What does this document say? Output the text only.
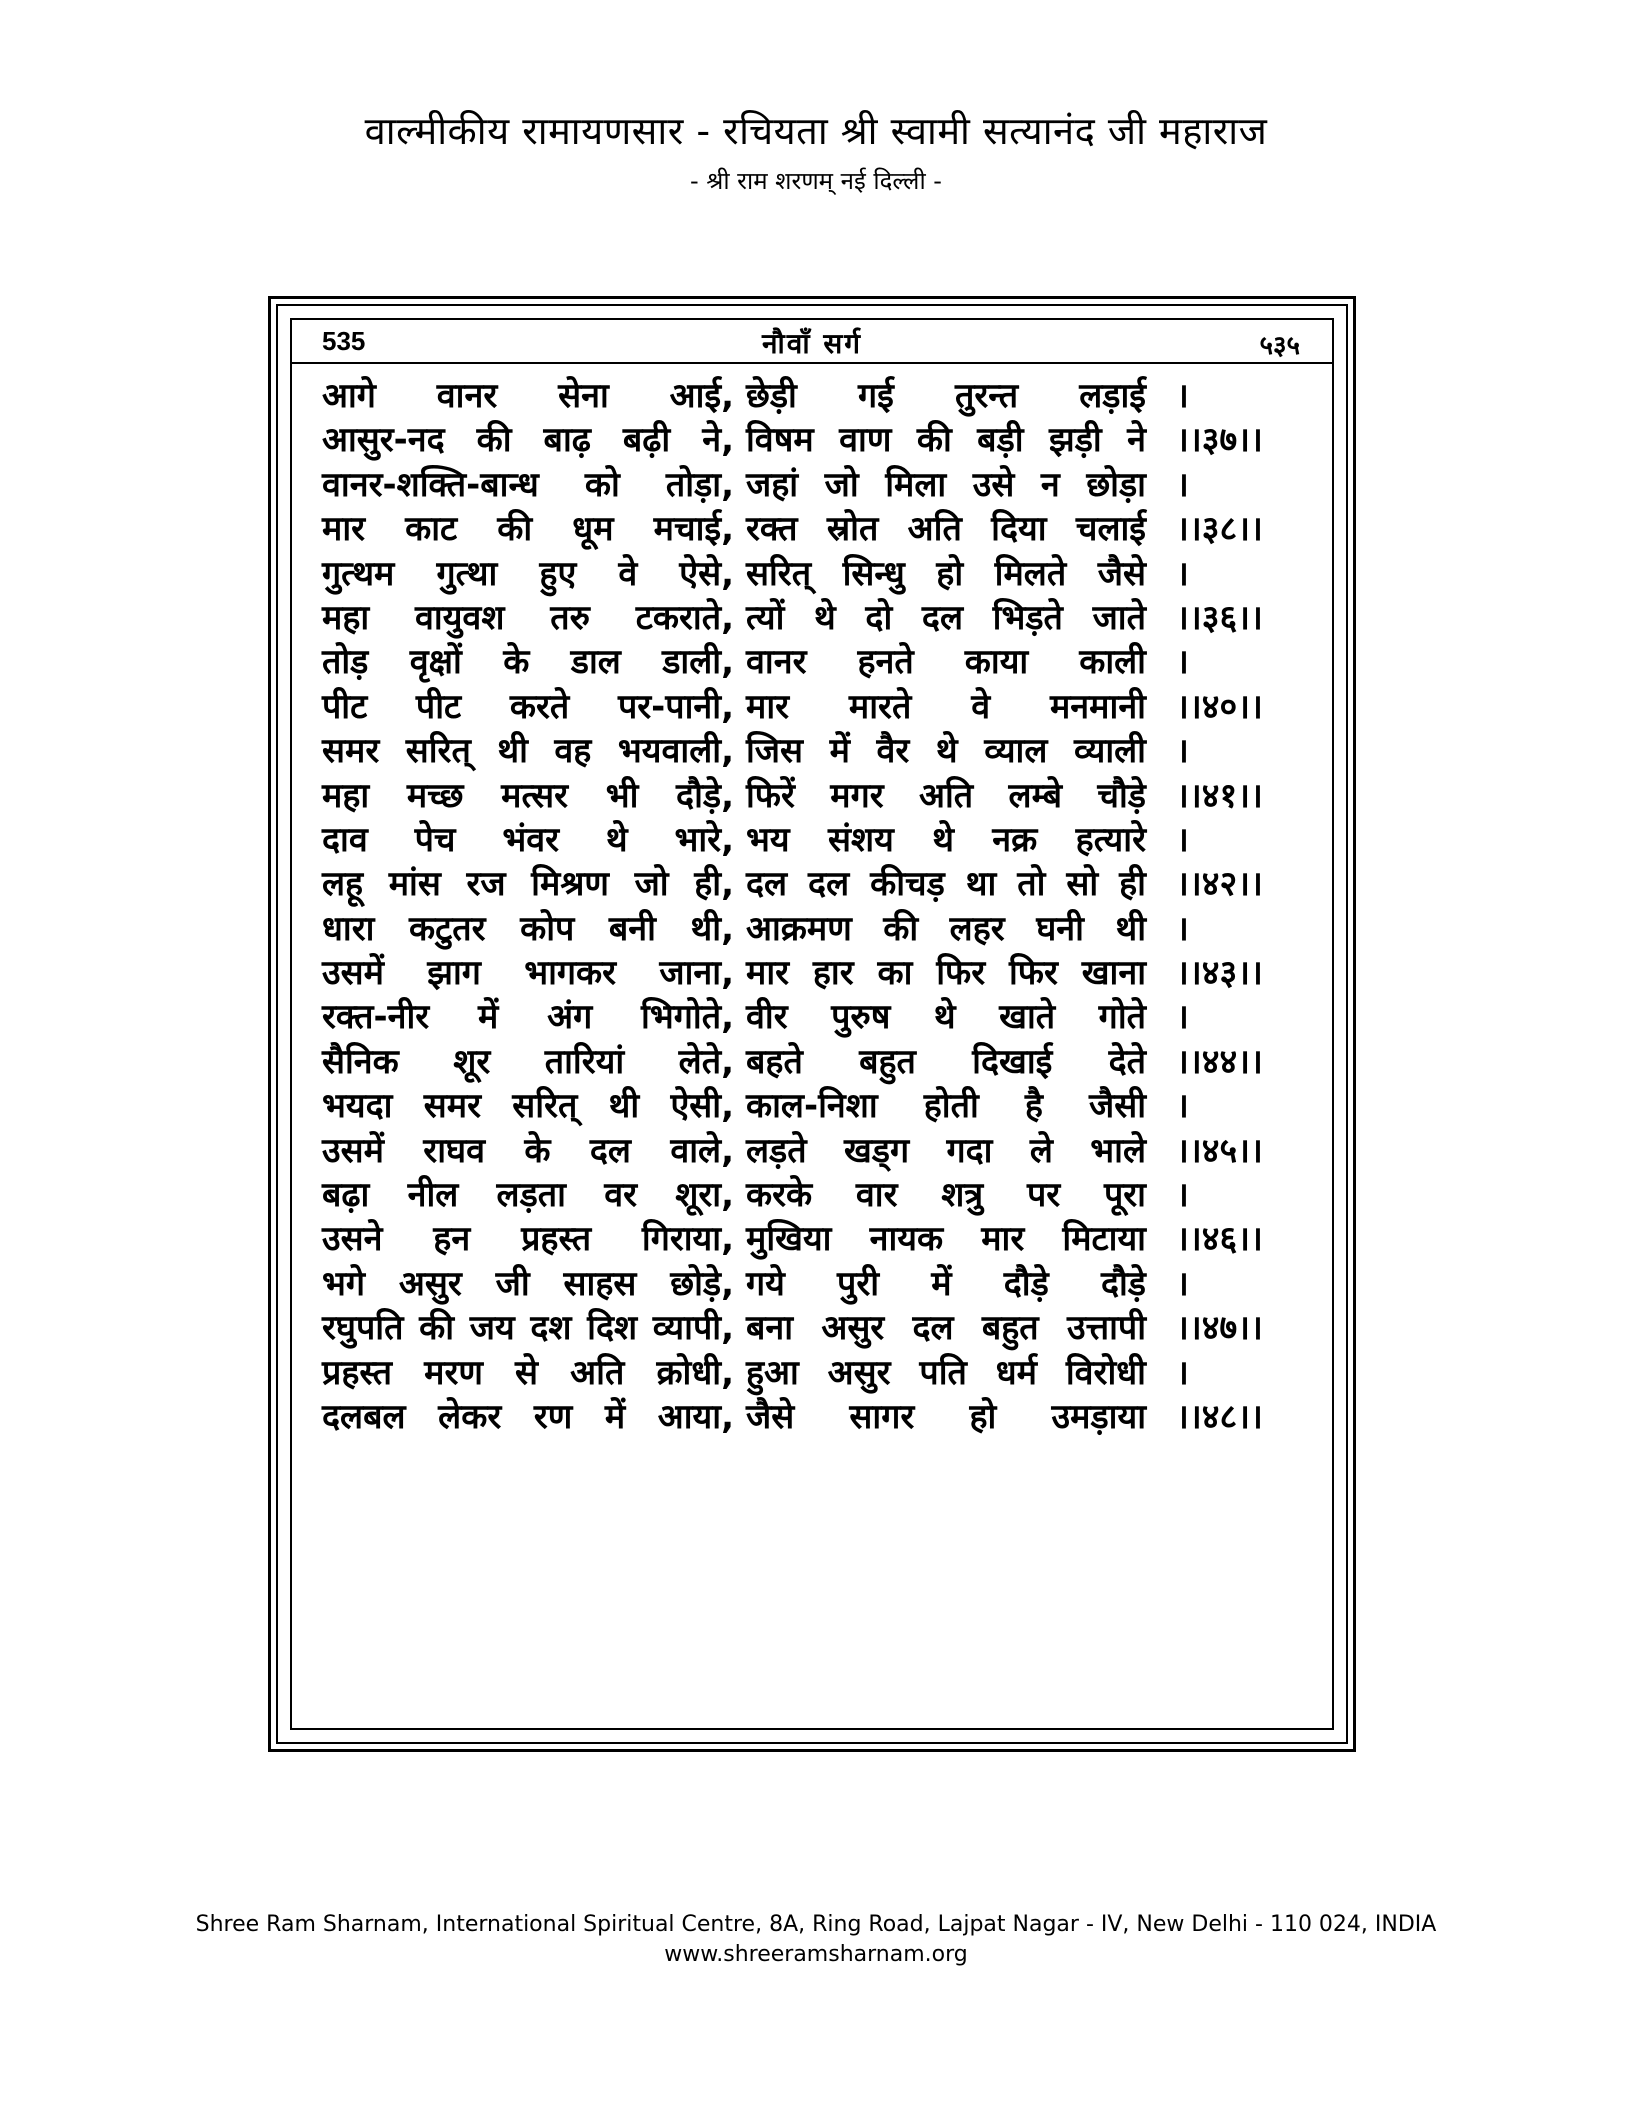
वाल्मीकीय रामायणसार - रचियता श्री स्वामी सत्यानंद जी महाराज
- श्री राम शरणम् नई दिल्ली -
535	नौवाँ सर्ग	५३५
आगे वानर सेना आई, छेड़ी गई तुरन्त लड़ाई ।
आसुर-नद की बाढ़ बढ़ी ने, विषम वाण की बड़ी झड़ी ने ।।३७।।
वानर-शक्ति-बान्ध को तोड़ा, जहां जो मिला उसे न छोड़ा ।
मार काट की धूम मचाई, रक्त स्रोत अति दिया चलाई ।।३८।।
गुत्थम गुत्था हुए वे ऐसे, सरित् सिन्धु हो मिलते जैसे ।
महा वायुवश तरु टकराते, त्यों थे दो दल भिड़ते जाते ।।३६।।
तोड़ वृक्षों के डाल डाली, वानर हनते काया काली ।
पीट पीट करते पर-पानी, मार मारते वे मनमानी ।।४०।।
समर सरित् थी वह भयवाली, जिस में वैर थे व्याल व्याली ।
महा मच्छ मत्सर भी दौड़े, फिरें मगर अति लम्बे चौड़े ।।४१।।
दाव पेच भंवर थे भारे, भय संशय थे नक्र हत्यारे ।
लहू मांस रज मिश्रण जो ही, दल दल कीचड़ था तो सो ही ।।४२।।
धारा कटुतर कोप बनी थी, आक्रमण की लहर घनी थी ।
उसमें झाग भागकर जाना, मार हार का फिर फिर खाना ।।४३।।
रक्त-नीर में अंग भिगोते, वीर पुरुष थे खाते गोते ।
सैनिक शूर तारियां लेते, बहते बहुत दिखाई देते ।।४४।।
भयदा समर सरित् थी ऐसी, काल-निशा होती है जैसी ।
उसमें राघव के दल वाले, लड़ते खड्ग गदा ले भाले ।।४५।।
बढ़ा नील लड़ता वर शूरा, करके वार शत्रु पर पूरा ।
उसने हन प्रहस्त गिराया, मुखिया नायक मार मिटाया ।।४६।।
भगे असुर जी साहस छोड़े, गये पुरी में दौड़े दौड़े ।
रघुपति की जय दश दिश व्यापी, बना असुर दल बहुत उत्तापी ।।४७।।
प्रहस्त मरण से अति क्रोधी, हुआ असुर पति धर्म विरोधी ।
दलबल लेकर रण में आया, जैसे सागर हो उमड़ाया ।।४८।।
Shree Ram Sharnam, International Spiritual Centre, 8A, Ring Road, Lajpat Nagar - IV, New Delhi - 110 024, INDIA
www.shreeramsharnam.org
